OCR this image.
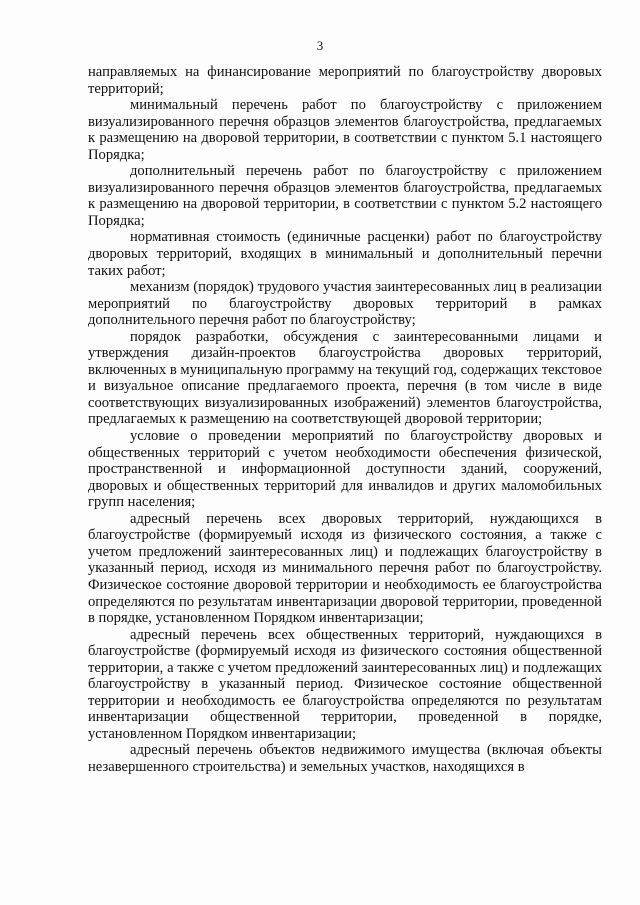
3

направляемых на финансирование мероприятий по благоустройству дворовых территорий;

минимальный перечень работ по благоустройству с приложением визуализированного перечня образцов элементов благоустройства, предлагаемых к размещению на дворовой территории, в соответствии с пунктом 5.1 настоящего Порядка;

дополнительный перечень работ по благоустройству с приложением визуализированного перечня образцов элементов благоустройства, предлагаемых к размещению на дворовой территории, в соответствии с пунктом 5.2 настоящего Порядка;

нормативная стоимость (единичные расценки) работ по благоустройству дворовых территорий, входящих в минимальный и дополнительный перечни таких работ;

механизм (порядок) трудового участия заинтересованных лиц в реализации мероприятий по благоустройству дворовых территорий в рамках дополнительного перечня работ по благоустройству;

порядок разработки, обсуждения с заинтересованными лицами и утверждения дизайн-проектов благоустройства дворовых территорий, включенных в муниципальную программу на текущий год, содержащих текстовое и визуальное описание предлагаемого проекта, перечня (в том числе в виде соответствующих визуализированных изображений) элементов благоустройства, предлагаемых к размещению на соответствующей дворовой территории;

условие о проведении мероприятий по благоустройству дворовых и общественных территорий с учетом необходимости обеспечения физической, пространственной и информационной доступности зданий, сооружений, дворовых и общественных территорий для инвалидов и других маломобильных групп населения;

адресный перечень всех дворовых территорий, нуждающихся в благоустройстве (формируемый исходя из физического состояния, а также с учетом предложений заинтересованных лиц) и подлежащих благоустройству в указанный период, исходя из минимального перечня работ по благоустройству. Физическое состояние дворовой территории и необходимость ее благоустройства определяются по результатам инвентаризации дворовой территории, проведенной в порядке, установленном Порядком инвентаризации;

адресный перечень всех общественных территорий, нуждающихся в благоустройстве (формируемый исходя из физического состояния общественной территории, а также с учетом предложений заинтересованных лиц) и подлежащих благоустройству в указанный период. Физическое состояние общественной территории и необходимость ее благоустройства определяются по результатам инвентаризации общественной территории, проведенной в порядке, установленном Порядком инвентаризации;

адресный перечень объектов недвижимого имущества (включая объекты незавершенного строительства) и земельных участков, находящихся в
